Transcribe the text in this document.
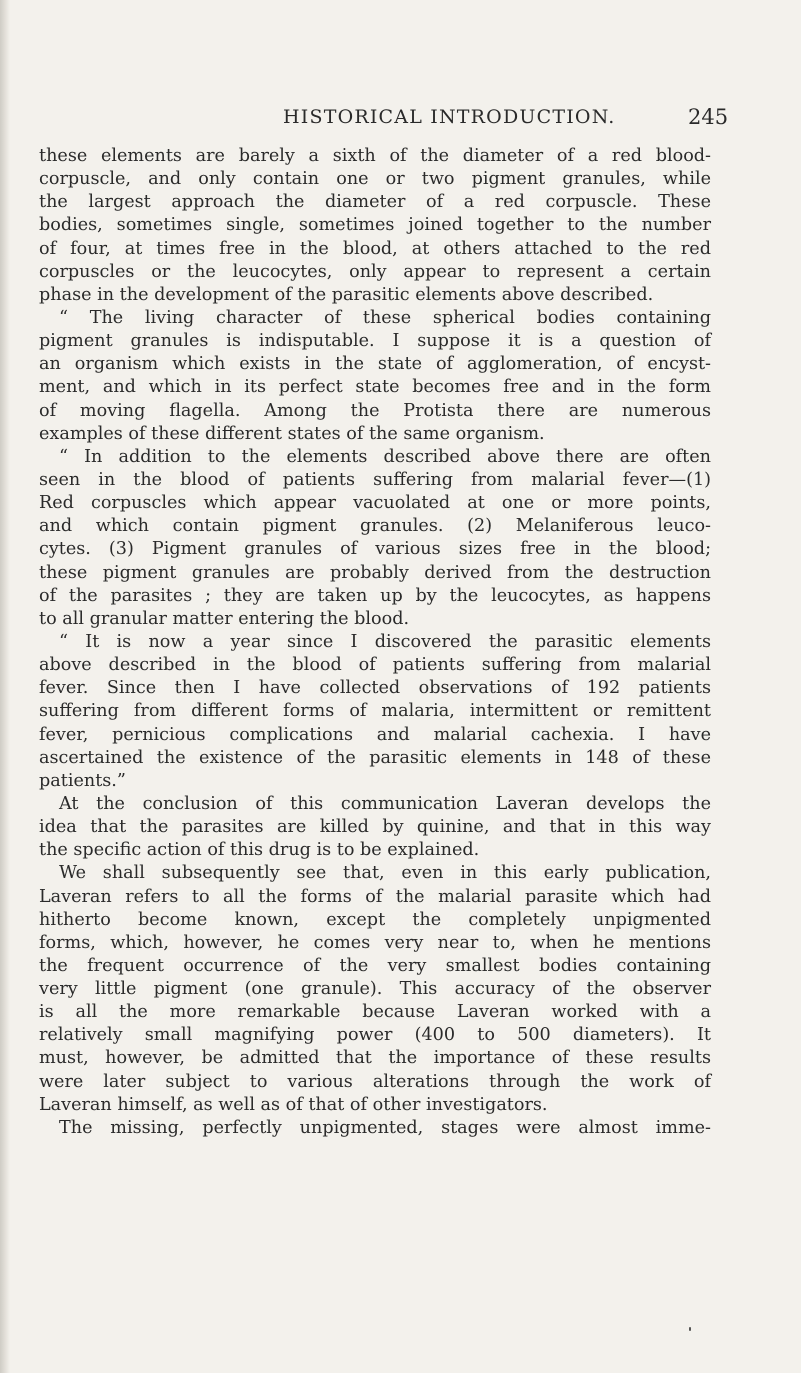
HISTORICAL INTRODUCTION.	245
these elements are barely a sixth of the diameter of a red blood-
corpuscle, and only contain one or two pigment granules, while
the largest approach the diameter of a red corpuscle. These
bodies, sometimes single, sometimes joined together to the number
of four, at times free in the blood, at others attached to the red
corpuscles or the leucocytes, only appear to represent a certain
phase in the development of the parasitic elements above described.
“ The living character of these spherical bodies containing
pigment granules is indisputable. I suppose it is a question of
an organism which exists in the state of agglomeration, of encyst-
ment, and which in its perfect state becomes free and in the form
of moving flagella. Among the Protista there are numerous
examples of these different states of the same organism.
“ In addition to the elements described above there are often
seen in the blood of patients suffering from malarial fever—(1)
Red corpuscles which appear vacuolated at one or more points,
and which contain pigment granules. (2) Melaniferous leuco-
cytes. (3) Pigment granules of various sizes free in the blood;
these pigment granules are probably derived from the destruction
of the parasites ; they are taken up by the leucocytes, as happens
to all granular matter entering the blood.
“ It is now a year since I discovered the parasitic elements
above described in the blood of patients suffering from malarial
fever. Since then I have collected observations of 192 patients
suffering from different forms of malaria, intermittent or remittent
fever, pernicious complications and malarial cachexia. I have
ascertained the existence of the parasitic elements in 148 of these
patients.”
At the conclusion of this communication Laveran develops the
idea that the parasites are killed by quinine, and that in this way
the specific action of this drug is to be explained.
We shall subsequently see that, even in this early publication,
Laveran refers to all the forms of the malarial parasite which had
hitherto become known, except the completely unpigmented
forms, which, however, he comes very near to, when he mentions
the frequent occurrence of the very smallest bodies containing
very little pigment (one granule). This accuracy of the observer
is all the more remarkable because Laveran worked with a
relatively small magnifying power (400 to 500 diameters). It
must, however, be admitted that the importance of these results
were later subject to various alterations through the work of
Laveran himself, as well as of that of other investigators.
The missing, perfectly unpigmented, stages were almost imme-
